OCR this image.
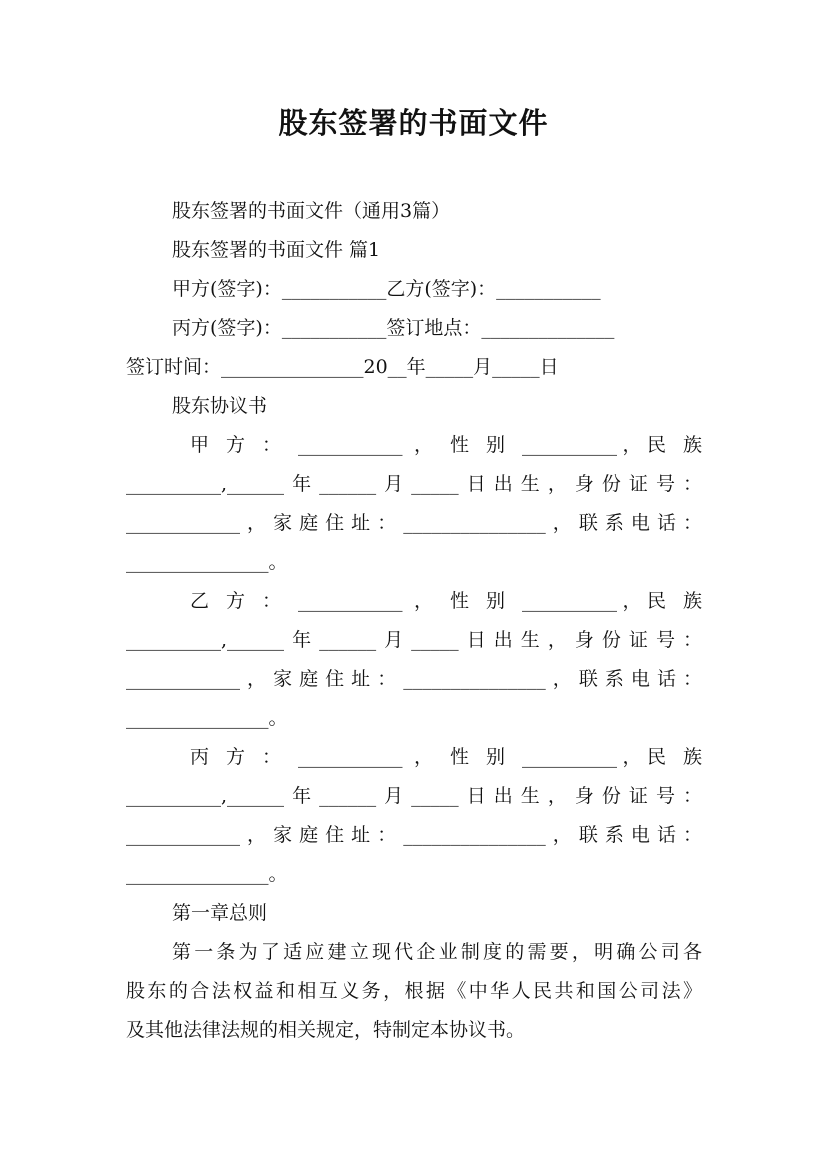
股东签署的书面文件
股东签署的书面文件（通用3篇）
股东签署的书面文件 篇1
甲方(签字)：___________乙方(签字)：___________
丙方(签字)：___________签订地点：______________
签订时间：_______________20__年_____月_____日
股东协议书
甲 方 ： ___________ ， 性 别 __________，民 族
__________,______年______月_____日出生，身份证号：
____________，家庭住址：_______________，联系电话：
_______________。
乙 方 ： ___________ ， 性 别 __________，民 族
__________,______年______月_____日出生，身份证号：
____________，家庭住址：_______________，联系电话：
_______________。
丙 方 ： ___________ ， 性 别 __________，民 族
__________,______年______月_____日出生，身份证号：
____________，家庭住址：_______________，联系电话：
_______________。
第一章总则
第一条为了适应建立现代企业制度的需要，明确公司各
股东的合法权益和相互义务，根据《中华人民共和国公司法》
及其他法律法规的相关规定，特制定本协议书。
